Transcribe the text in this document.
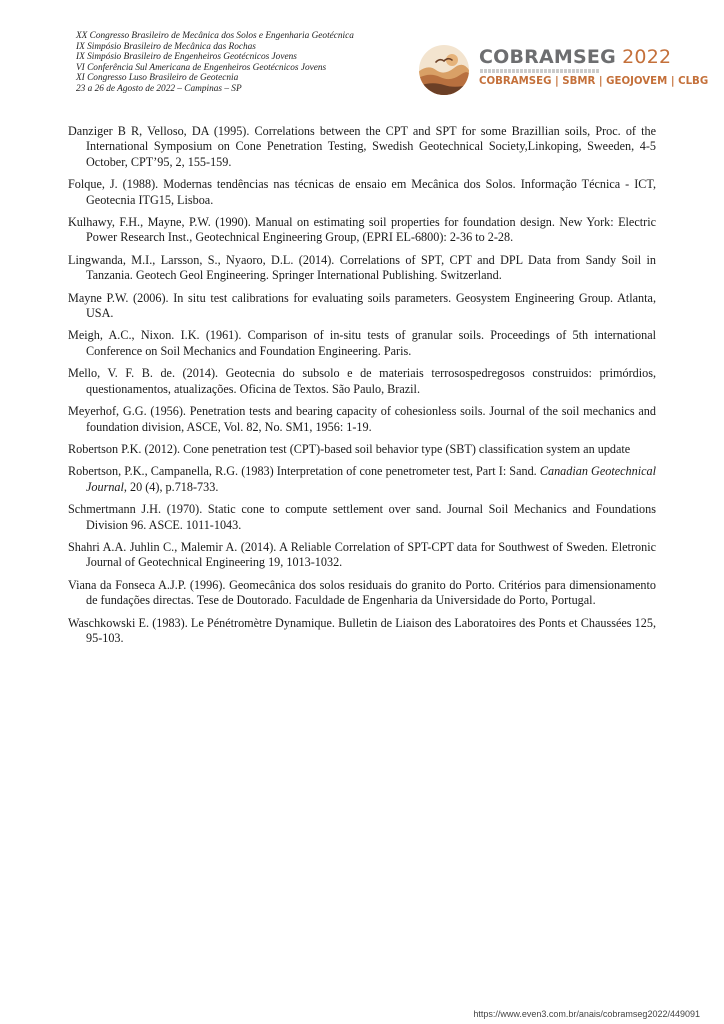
XX Congresso Brasileiro de Mecânica dos Solos e Engenharia Geotécnica
IX Simpósio Brasileiro de Mecânica das Rochas
IX Simpósio Brasileiro de Engenheiros Geotécnicos Jovens
VI Conferência Sul Americana de Engenheiros Geotécnicos Jovens
XI Congresso Luso Brasileiro de Geotecnia
23 a 26 de Agosto de 2022 – Campinas – SP
COBRAMSEG 2022
COBRAMSEG | SBMR | GEOJOVEM | CLBG
Danziger B R, Velloso, DA (1995). Correlations between the CPT and SPT for some Brazillian soils, Proc. of the International Symposium on Cone Penetration Testing, Swedish Geotechnical Society,Linkoping, Sweeden, 4-5 October, CPT’95, 2, 155-159.
Folque, J. (1988). Modernas tendências nas técnicas de ensaio em Mecânica dos Solos. Informação Técnica - ICT, Geotecnia ITG15, Lisboa.
Kulhawy, F.H., Mayne, P.W. (1990). Manual on estimating soil properties for foundation design. New York: Electric Power Research Inst., Geotechnical Engineering Group, (EPRI EL-6800): 2-36 to 2-28.
Lingwanda, M.I., Larsson, S., Nyaoro, D.L. (2014). Correlations of SPT, CPT and DPL Data from Sandy Soil in Tanzania. Geotech Geol Engineering. Springer International Publishing. Switzerland.
Mayne P.W. (2006). In situ test calibrations for evaluating soils parameters. Geosystem Engineering Group. Atlanta, USA.
Meigh, A.C., Nixon. I.K. (1961). Comparison of in-situ tests of granular soils. Proceedings of 5th international Conference on Soil Mechanics and Foundation Engineering. Paris.
Mello, V. F. B. de. (2014). Geotecnia do subsolo e de materiais terrosospedregosos construidos: primórdios, questionamentos, atualizações. Oficina de Textos. São Paulo, Brazil.
Meyerhof, G.G. (1956). Penetration tests and bearing capacity of cohesionless soils. Journal of the soil mechanics and foundation division, ASCE, Vol. 82, No. SM1, 1956: 1-19.
Robertson P.K. (2012). Cone penetration test (CPT)-based soil behavior type (SBT) classification system an update
Robertson, P.K., Campanella, R.G. (1983) Interpretation of cone penetrometer test, Part I: Sand. Canadian Geotechnical Journal, 20 (4), p.718-733.
Schmertmann J.H. (1970). Static cone to compute settlement over sand. Journal Soil Mechanics and Foundations Division 96. ASCE. 1011-1043.
Shahri A.A. Juhlin C., Malemir A. (2014). A Reliable Correlation of SPT-CPT data for Southwest of Sweden. Eletronic Journal of Geotechnical Engineering 19, 1013-1032.
Viana da Fonseca A.J.P. (1996). Geomecânica dos solos residuais do granito do Porto. Critérios para dimensionamento de fundações directas. Tese de Doutorado. Faculdade de Engenharia da Universidade do Porto, Portugal.
Waschkowski E. (1983). Le Pénétromètre Dynamique. Bulletin de Liaison des Laboratoires des Ponts et Chaussées 125, 95-103.
https://www.even3.com.br/anais/cobramseg2022/449091
